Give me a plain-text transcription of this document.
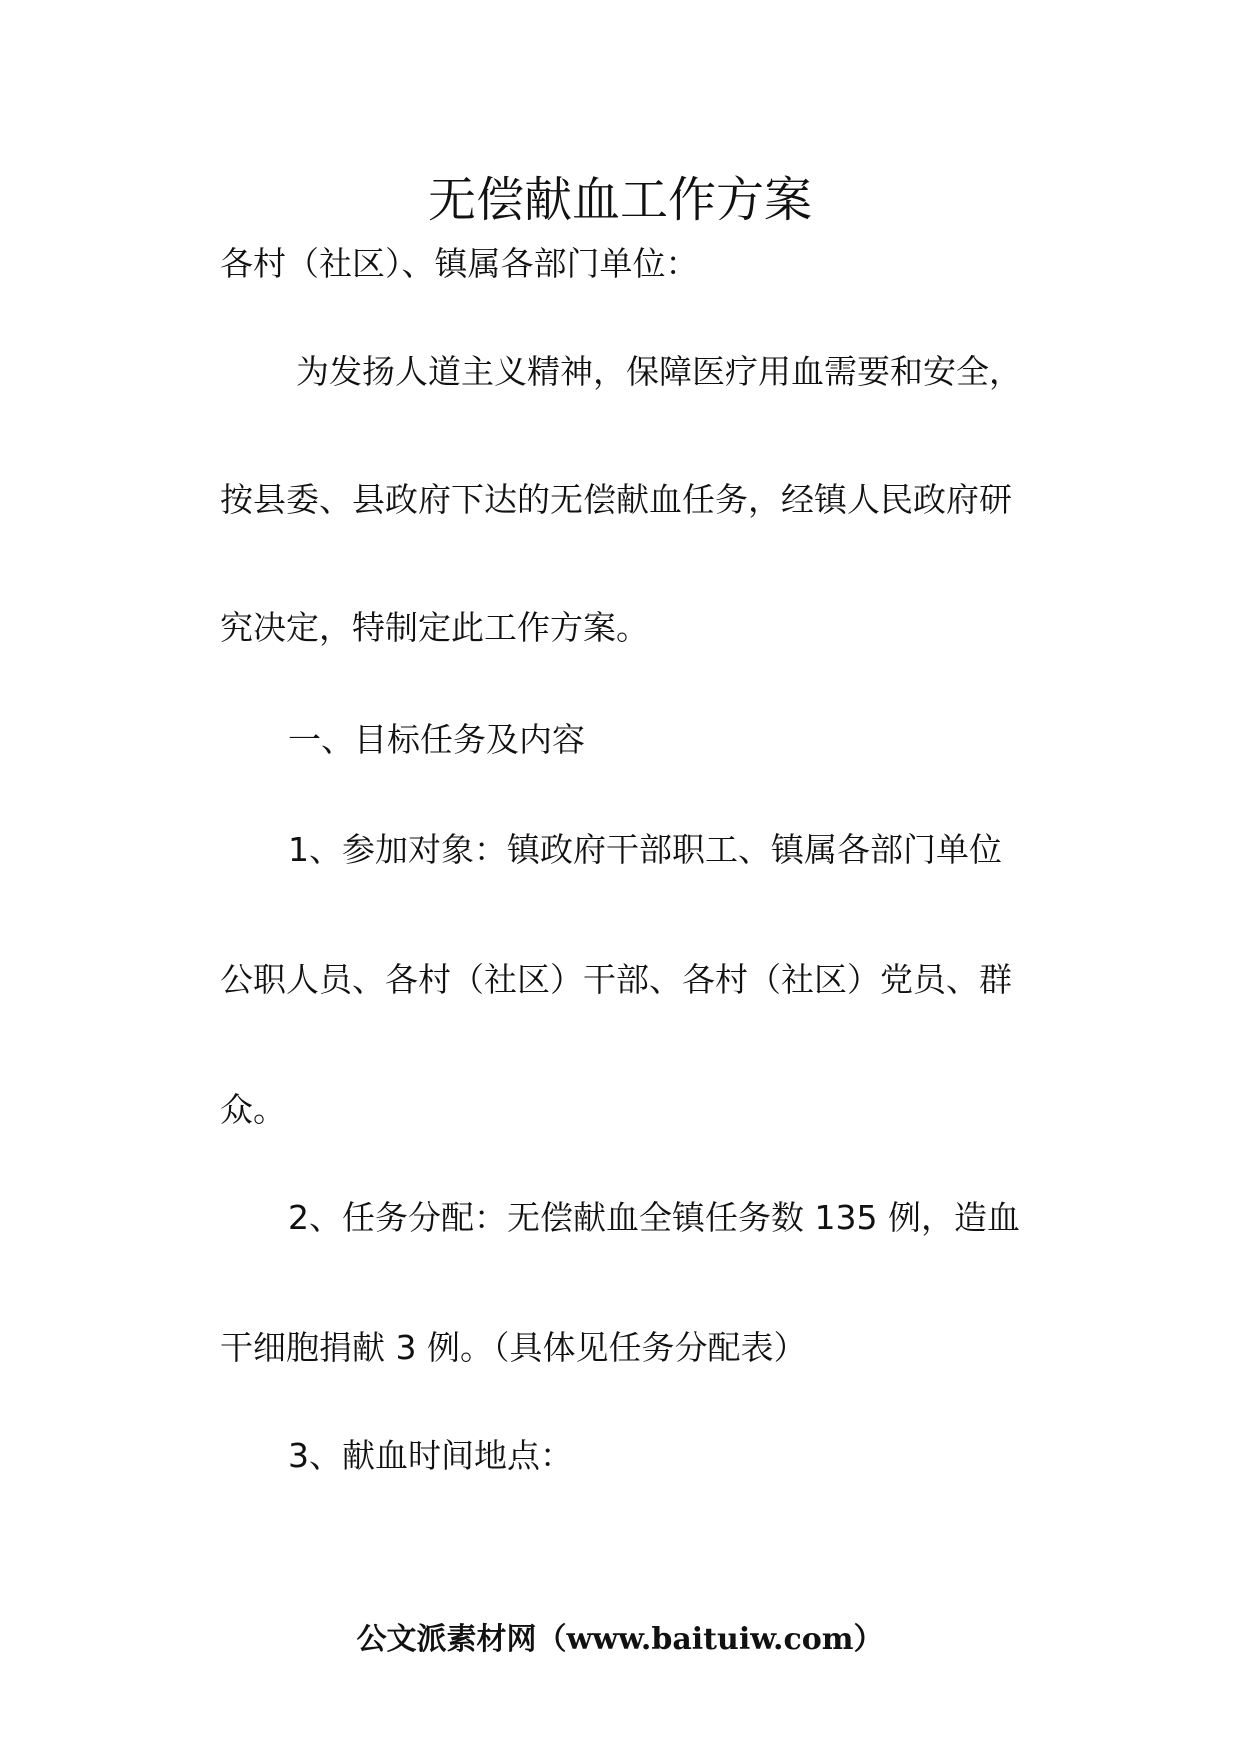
无偿献血工作方案
各村（社区）、镇属各部门单位：
为发扬人道主义精神，保障医疗用血需要和安全，
按县委、县政府下达的无偿献血任务，经镇人民政府研
究决定，特制定此工作方案。
一、目标任务及内容
1、参加对象：镇政府干部职工、镇属各部门单位
公职人员、各村（社区）干部、各村（社区）党员、群
众。
2、任务分配：无偿献血全镇任务数 135 例，造血
干细胞捐献 3 例。（具体见任务分配表）
3、献血时间地点：
公文派素材网（www.baituiw.com）
